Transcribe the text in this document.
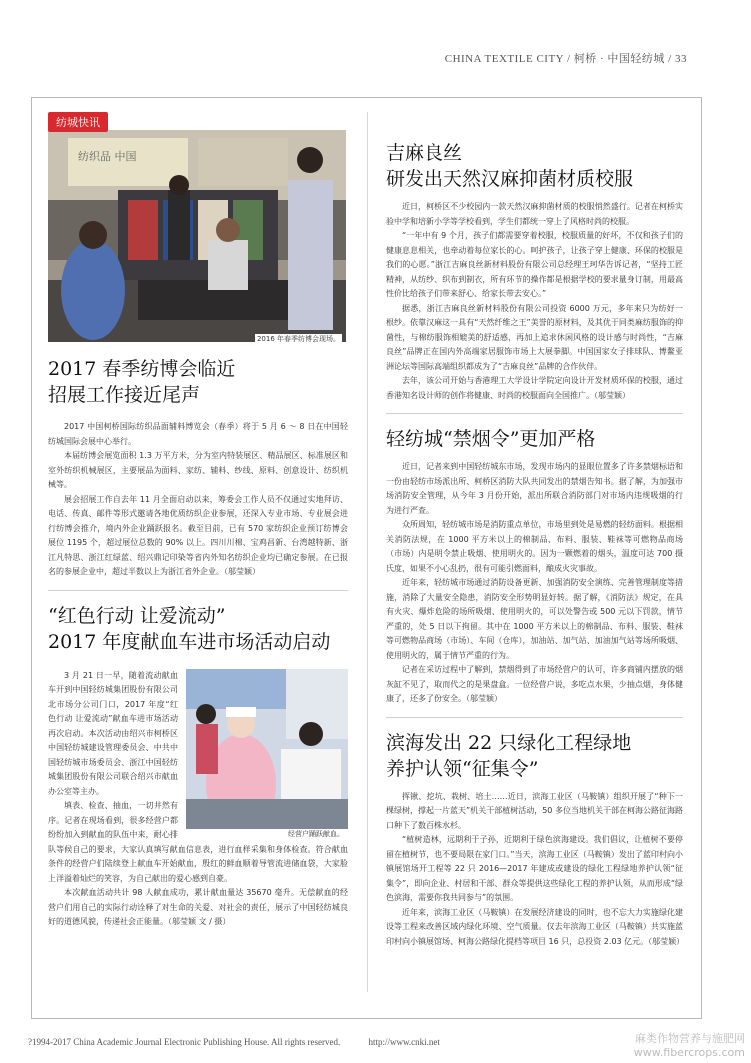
CHINA TEXTILE CITY / 柯桥 · 中国轻纺城 / 33
纺织品 中国
2016 年春季纺博会现场。
2017 春季纺博会临近
招展工作接近尾声

2017 中国柯桥国际纺织品面辅料博览会（春季）将于 5 月 6 ～ 8 日在中国轻纺城国际会展中心举行。

本届纺博会展览面积 1.3 万平方米，分为室内特装展区、精品展区、标准展区和室外纺织机械展区，主要展品为面料、家纺、辅料、纱线、原料、创意设计、纺织机械等。

展会招展工作自去年 11 月全面启动以来，筹委会工作人员不仅通过实地拜访、电话、传真、邮件等形式邀请各地优质纺织企业参展，还深入专业市场、专业展会进行纺博会推介，境内外企业踊跃报名。截至目前，已有 570 家纺织企业预订纺博会展位 1195 个，超过展位总数的 90% 以上。四川川棉、宝鸡昌新、台湾越特新、浙江凡特思、浙江红绿蓝、绍兴鼎记印染等省内外知名纺织企业均已确定参展。在已报名的参展企业中，超过半数以上为浙江省外企业。（邬莹颖）

“红色行动 让爱流动”
2017 年度献血车进市场活动启动
经营户踊跃献血。

3 月 21 日一早，随着流动献血车开到中国轻纺城集团股份有限公司北市场分公司门口，2017 年度“红色行动 让爱流动”献血车进市场活动再次启动。本次活动由绍兴市柯桥区中国轻纺城建设管理委员会、中共中国轻纺城市场委员会、浙江中国轻纺城集团股份有限公司联合绍兴市献血办公室等主办。

填表、检查、抽血，一切井然有序。记者在现场看到，很多经营户都纷纷加入到献血的队伍中来，耐心排队等候自己的要求，大家认真填写献血信息表，进行血样采集和身体检查。符合献血条件的经营户们陆续登上献血车开始献血，殷红的鲜血顺着导管流进储血袋，大家脸上洋溢着灿烂的笑容，为自己献出的爱心感到自豪。

本次献血活动共计 98 人献血成功，累计献血量达 35670 毫升。无偿献血的经营户们用自己的实际行动诠释了对生命的关爱、对社会的责任，展示了中国轻纺城良好的道德风貌，传递社会正能量。（邬莹颖 文 / 摄）

纺城快讯
吉麻良丝
研发出天然汉麻抑菌材质校服

近日，柯桥区不少校园内一款天然汉麻抑菌材质的校服悄然盛行。记者在柯桥实验中学和培新小学等学校看到，学生们都统一穿上了风格时尚的校服。

“一年中有 9 个月，孩子们都需要穿着校服，校服质量的好坏，不仅和孩子们的健康息息相关，也牵动着每位家长的心。呵护孩子，让孩子穿上健康、环保的校服是我们的心愿。”浙江吉麻良丝新材料股份有限公司总经理王珂华告诉记者，“坚持工匠精神，从纺纱、织布到制衣，所有环节的操作都是根据学校的要求量身订制，用最高性价比给孩子们带来舒心、给家长带去安心。”

据悉，浙江吉麻良丝新材料股份有限公司投资 6000 万元，多年来只为纺好一根纱。依靠汉麻这一具有“天然纤维之王”美誉的原材料，及其优于同类麻纺服饰的抑菌性，与棉纺服饰相媲美的舒适感，再加上追求休闲风格的设计感与时尚性，“吉麻良丝”品牌正在国内外高端家居服饰市场上大展拳脚。中国国家女子排球队、博鳌亚洲论坛等国际高端组织都成为了“吉麻良丝”品牌的合作伙伴。

去年，该公司开始与香港理工大学设计学院定向设计开发材质环保的校服，通过香港知名设计师的创作将健康、时尚的校服面向全国推广。（邬莹颖）

轻纺城“禁烟令”更加严格

近日，记者来到中国轻纺城东市场，发现市场内的显眼位置多了许多禁烟标语和一份由轻纺市场派出所、柯桥区消防大队共同发出的禁烟告知书。据了解，为加强市场消防安全管理，从今年 3 月份开始，派出所联合消防部门对市场内违规吸烟的行为进行严查。

众所周知，轻纺城市场是消防重点单位，市场里到处是易燃的轻纺面料。根据相关消防法规，在 1000 平方米以上的棉制品、布料、服装、鞋袜等可燃物品商场（市场）内是明令禁止吸烟、使用明火的。因为一颗燃着的烟头，温度可达 700 摄氏度，如果不小心乱扔，很有可能引燃面料，酿成火灾事故。

近年来，轻纺城市场通过消防设备更新、加强消防安全演练、完善管理制度等措施，消除了大量安全隐患，消防安全形势明显好转。据了解，《消防法》规定，在具有火灾、爆炸危险的场所吸烟、使用明火的，可以处警告或 500 元以下罚款，情节严重的，处 5 日以下拘留。其中在 1000 平方米以上的棉制品、布料、服装、鞋袜等可燃物品商场（市场）、车间（仓库），加油站、加气站、加油加气站等场所吸烟、使用明火的，属于情节严重的行为。

记者在采访过程中了解到，禁烟得到了市场经营户的认可，许多商铺内摆放的烟灰缸不见了，取而代之的是果盘盒。一位经营户说，多吃点水果，少抽点烟，身体健康了，还多了份安全。（邬莹颖）

滨海发出 22 只绿化工程绿地
养护认领“征集令”

挥锹、挖坑、栽树、培土……近日，滨海工业区（马鞍镇）组织开展了“种下一棵绿树，撑起一片蓝天”机关干部植树活动，50 多位当地机关干部在柯海公路征海路口种下了数百株水杉。

“植树造林，远期利于子孙，近期利于绿色滨海建设。我们倡议，让植树不要停留在植树节，也不要局限在家门口。”当天，滨海工业区（马鞍镇）发出了蓝印村向小镇展馆场开工程等 22 只 2016—2017 年建成或建设的绿化工程绿地养护认领“征集令”，即向企业、村居和干部、群众等提供这些绿化工程的养护认领，从而形成“绿色滨海，需要你我共同参与”的氛围。

近年来，滨海工业区（马鞍镇）在发展经济建设的同时，也不忘大力实施绿化建设等工程来改善区域内绿化环境、空气质量。仅去年滨海工业区（马鞍镇）共实施蓝印村向小镇展馆场、柯海公路绿化提档等项目 16 只，总投资 2.03 亿元。（邬莹颖）

?1994-2017 China Academic Journal Electronic Publishing House. All rights reserved.	http://www.cnki.net	麻类作物营养与施肥网
www.fibercrops.com
